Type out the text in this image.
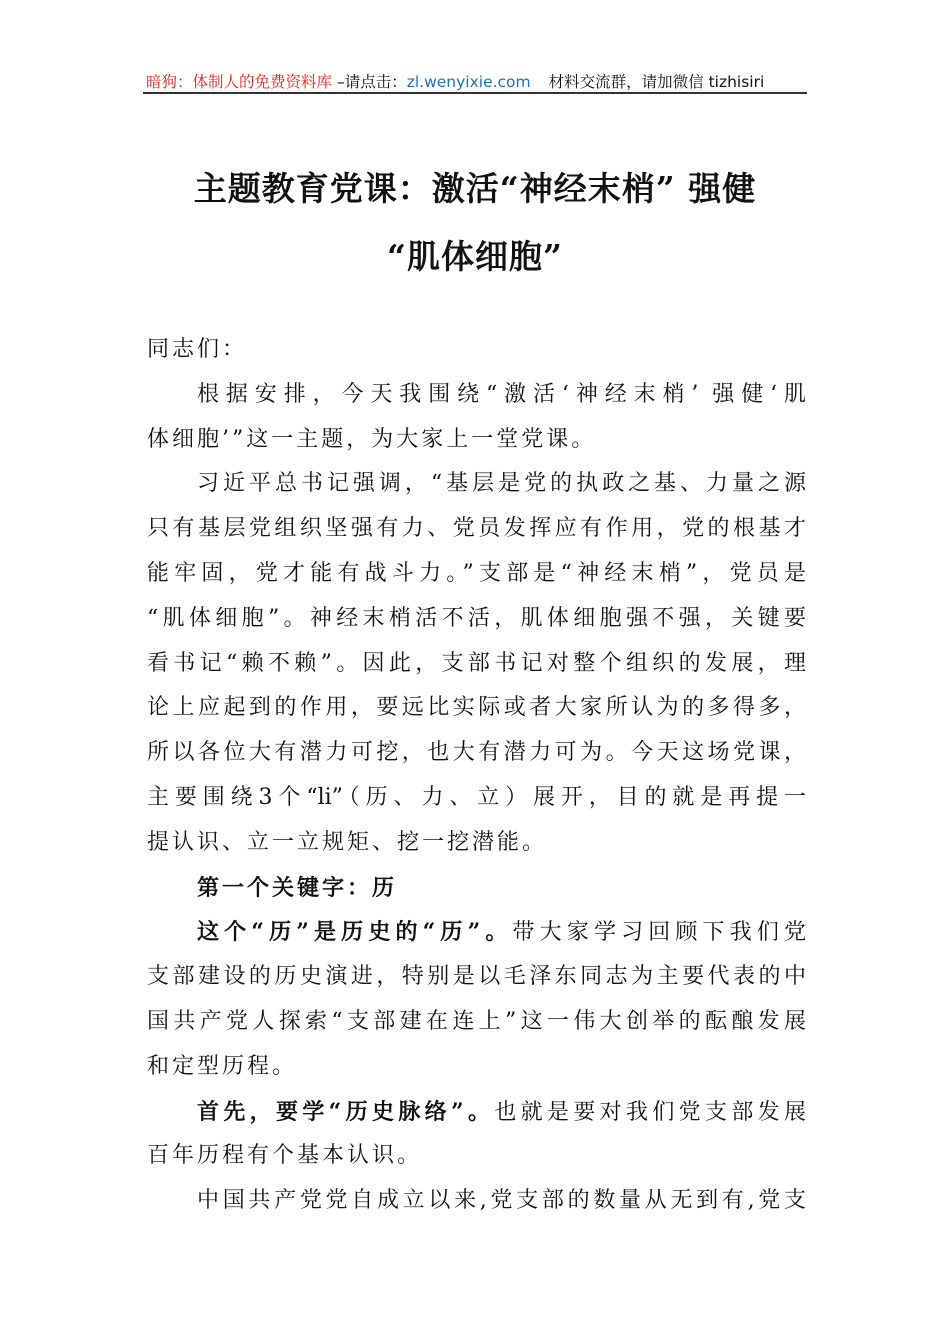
暗狗：体制人的免费资料库 –请点击：zl.wenyixie.com 材料交流群，请加微信 tizhisiri
主题教育党课：激活“神经末梢” 强健
“肌体细胞”
同志们：
根据安排，今天我围绕“激活‘神经末梢’ 强健‘肌
体细胞’”这一主题，为大家上一堂党课。
习近平总书记强调，“基层是党的执政之基、力量之源
只有基层党组织坚强有力、党员发挥应有作用，党的根基才
能牢固，党才能有战斗力。”支部是“神经末梢”，党员是
“肌体细胞”。神经末梢活不活，肌体细胞强不强，关键要
看书记“赖不赖”。因此，支部书记对整个组织的发展，理
论上应起到的作用，要远比实际或者大家所认为的多得多，
所以各位大有潜力可挖，也大有潜力可为。今天这场党课，
主要围绕3个“li”（历、力、立）展开，目的就是再提一
提认识、立一立规矩、挖一挖潜能。
第一个关键字：历
这个“历”是历史的“历”。带大家学习回顾下我们党
支部建设的历史演进，特别是以毛泽东同志为主要代表的中
国共产党人探索“支部建在连上”这一伟大创举的酝酿发展
和定型历程。
首先，要学“历史脉络”。也就是要对我们党支部发展
百年历程有个基本认识。
中国共产党党自成立以来,党支部的数量从无到有,党支
